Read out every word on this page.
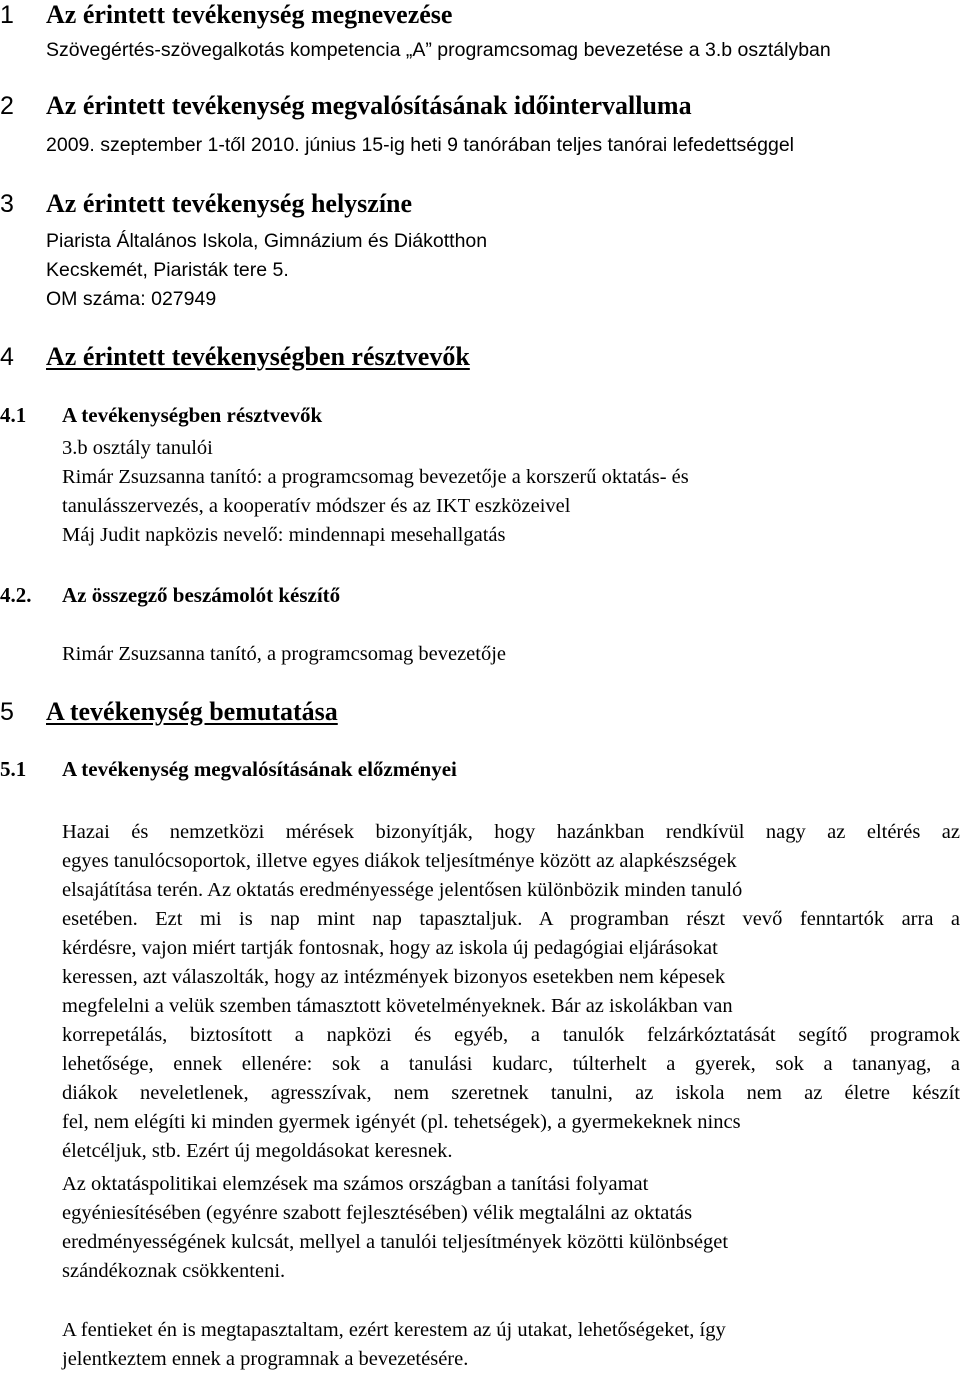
1	Az érintett tevékenység megnevezése
Szövegértés-szövegalkotás kompetencia „A” programcsomag bevezetése a 3.b osztályban
2	Az érintett tevékenység megvalósításának időintervalluma
2009. szeptember 1-től 2010. június 15-ig heti 9 tanórában teljes tanórai lefedettséggel
3	Az érintett tevékenység helyszíne
Piarista Általános Iskola, Gimnázium és Diákotthon
Kecskemét, Piaristák tere 5.
OM száma: 027949
4	Az érintett tevékenységben résztvevők
4.1	A tevékenységben résztvevők
3.b osztály tanulói
Rimár Zsuzsanna tanító: a programcsomag bevezetője a korszerű oktatás- és
tanulásszervezés, a kooperatív módszer és az IKT eszközeivel
Máj Judit napközis nevelő: mindennapi mesehallgatás
4.2.	Az összegző beszámolót készítő
Rimár Zsuzsanna tanító, a programcsomag bevezetője
5	A tevékenység bemutatása
5.1	A tevékenység megvalósításának előzményei
Hazai és nemzetközi mérések bizonyítják, hogy hazánkban rendkívül nagy az eltérés az
egyes tanulócsoportok, illetve egyes diákok teljesítménye között az alapkészségek
elsajátítása terén. Az oktatás eredményessége jelentősen különbözik minden tanuló
esetében. Ezt mi is nap mint nap tapasztaljuk. A programban részt vevő fenntartók arra a
kérdésre, vajon miért tartják fontosnak, hogy az iskola új pedagógiai eljárásokat
keressen, azt válaszolták, hogy az intézmények bizonyos esetekben nem képesek
megfelelni a velük szemben támasztott követelményeknek. Bár az iskolákban van
korrepetálás, biztosított a napközi és egyéb, a tanulók felzárkóztatását segítő programok
lehetősége, ennek ellenére: sok a tanulási kudarc, túlterhelt a gyerek, sok a tananyag, a
diákok neveletlenek, agresszívak, nem szeretnek tanulni, az iskola nem az életre készít
fel, nem elégíti ki minden gyermek igényét (pl. tehetségek), a gyermekeknek nincs
életcéljuk, stb. Ezért új megoldásokat keresnek.
Az oktatáspolitikai elemzések ma számos országban a tanítási folyamat
egyéniesítésében (egyénre szabott fejlesztésében) vélik megtalálni az oktatás
eredményességének kulcsát, mellyel a tanulói teljesítmények közötti különbséget
szándékoznak csökkenteni.
A fentieket én is megtapasztaltam, ezért kerestem az új utakat, lehetőségeket, így
jelentkeztem ennek a programnak a bevezetésére.
